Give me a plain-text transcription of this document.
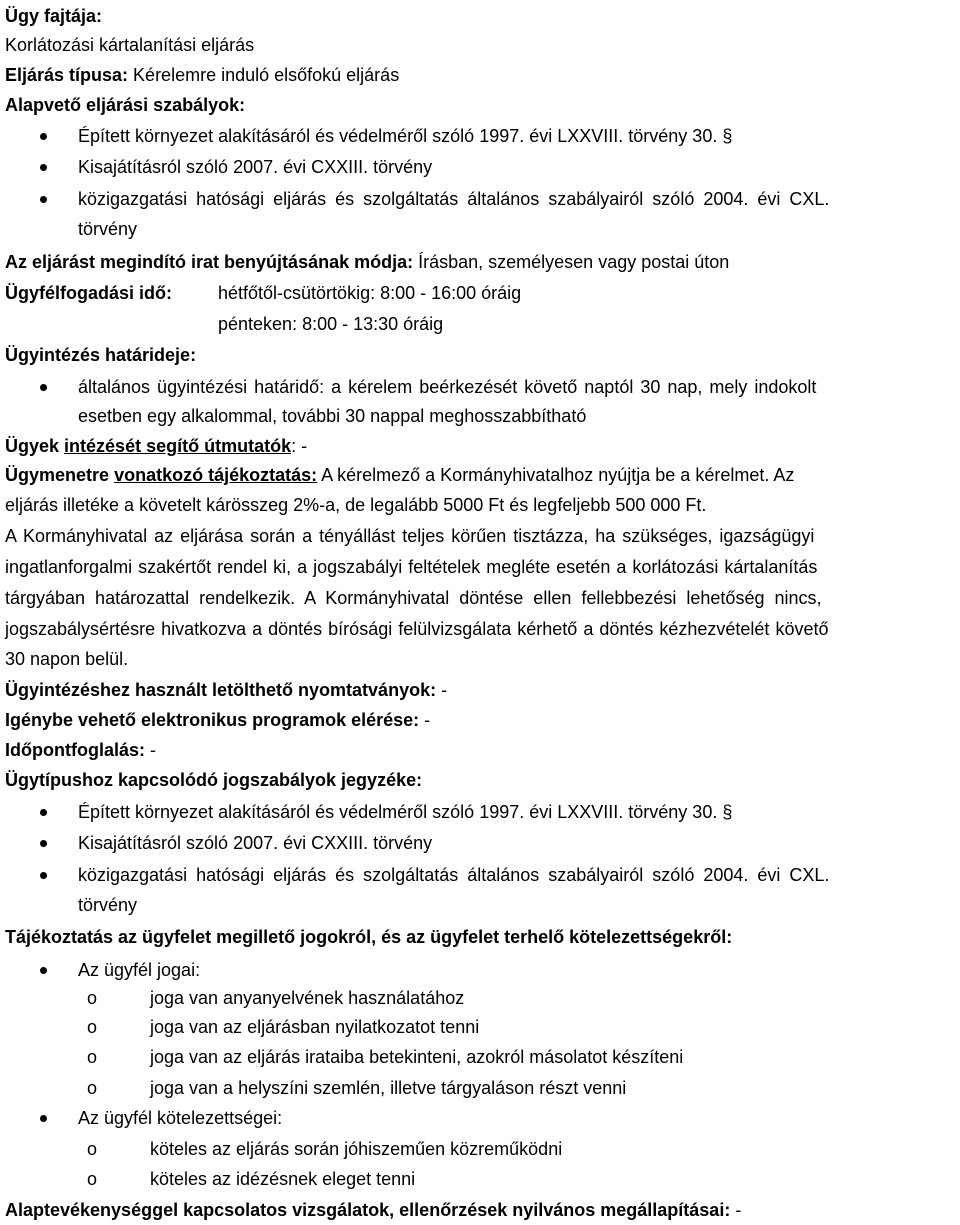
Ügy fajtája:
Korlátozási kártalanítási eljárás
Eljárás típusa: Kérelemre induló elsőfokú eljárás
Alapvető eljárási szabályok:
Épített környezet alakításáról és védelméről szóló 1997. évi LXXVIII. törvény 30. §
Kisajátításról szóló 2007. évi CXXIII. törvény
közigazgatási hatósági eljárás és szolgáltatás általános szabályairól szóló 2004. évi CXL.
törvény
Az eljárást megindító irat benyújtásának módja: Írásban, személyesen vagy postai úton
Ügyfélfogadási idő:	hétfőtől-csütörtökig: 8:00 - 16:00 óráig
pénteken: 8:00 - 13:30 óráig
Ügyintézés határideje:
általános ügyintézési határidő: a kérelem beérkezését követő naptól 30 nap, mely indokolt
esetben egy alkalommal, további 30 nappal meghosszabbítható
Ügyek intézését segítő útmutatók: -
Ügymenetre vonatkozó tájékoztatás: A kérelmező a Kormányhivatalhoz nyújtja be a kérelmet. Az
eljárás illetéke a követelt kárösszeg 2%-a, de legalább 5000 Ft és legfeljebb 500 000 Ft.
A Kormányhivatal az eljárása során a tényállást teljes körűen tisztázza, ha szükséges, igazságügyi
ingatlanforgalmi szakértőt rendel ki, a jogszabályi feltételek megléte esetén a korlátozási kártalanítás
tárgyában határozattal rendelkezik. A Kormányhivatal döntése ellen fellebbezési lehetőség nincs,
jogszabálysértésre hivatkozva a döntés bírósági felülvizsgálata kérhető a döntés kézhezvételét követő
30 napon belül.
Ügyintézéshez használt letölthető nyomtatványok: -
Igénybe vehető elektronikus programok elérése: -
Időpontfoglalás: -
Ügytípushoz kapcsolódó jogszabályok jegyzéke:
Épített környezet alakításáról és védelméről szóló 1997. évi LXXVIII. törvény 30. §
Kisajátításról szóló 2007. évi CXXIII. törvény
közigazgatási hatósági eljárás és szolgáltatás általános szabályairól szóló 2004. évi CXL.
törvény
Tájékoztatás az ügyfelet megillető jogokról, és az ügyfelet terhelő kötelezettségekről:
Az ügyfél jogai:
o	joga van anyanyelvének használatához
o	joga van az eljárásban nyilatkozatot tenni
o	joga van az eljárás irataiba betekinteni, azokról másolatot készíteni
o	joga van a helyszíni szemlén, illetve tárgyaláson részt venni
Az ügyfél kötelezettségei:
o	köteles az eljárás során jóhiszeműen közreműködni
o	köteles az idézésnek eleget tenni
Alaptevékenységgel kapcsolatos vizsgálatok, ellenőrzések nyilvános megállapításai: -
